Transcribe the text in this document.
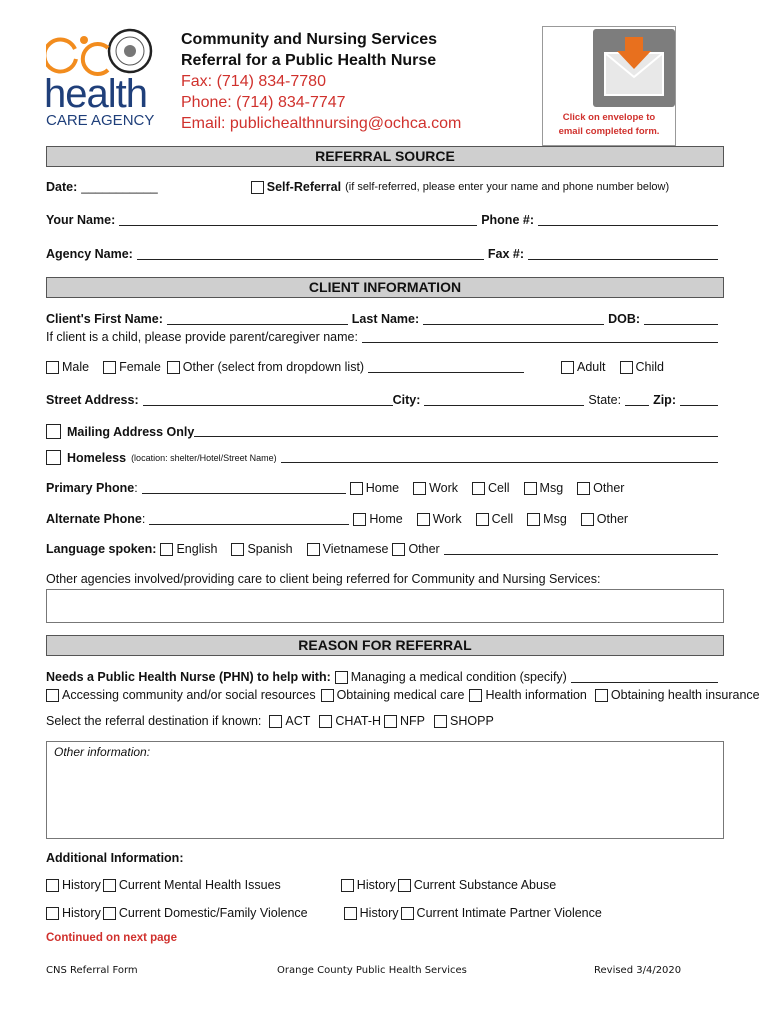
health
CARE AGENCY
Community and Nursing Services
Referral for a Public Health Nurse
Fax: (714) 834-7780
Phone: (714) 834-7747
Email: publichealthnursing@ochca.com	Click on envelope to email completed form.
REFERRAL SOURCE
Date: ___________	Self-Referral (if self-referred, please enter your name and phone number below)
Your Name:	Phone #:
Agency Name:	Fax #:
CLIENT INFORMATION
Client's First Name:	Last Name:	DOB:
If client is a child, please provide parent/caregiver name:
Male Female Other (select from dropdown list)	Adult Child
Street Address:	City:	State:	Zip:
Mailing Address Only
Homeless (location: shelter/Hotel/Street Name)
Primary Phone :	Home Work Cell Msg Other
Alternate Phone :	Home Work Cell Msg Other
Language spoken : English Spanish Vietnamese Other
Other agencies involved/providing care to client being referred for Community and Nursing Services:
REASON FOR REFERRAL
Needs a Public Health Nurse (PHN) to help with: Managing a medical condition (specify)
Accessing community and/or social resources Obtaining medical care Health information Obtaining health insurance
Select the referral destination if known: ACT CHAT-H NFP SHOPP
Other information:
Additional Information:
History Current Mental Health Issues	History Current Substance Abuse
History Current Domestic/Family Violence	History Current Intimate Partner Violence
Continued on next page
CNS Referral Form	Orange County Public Health Services	Revised 3/4/2020
